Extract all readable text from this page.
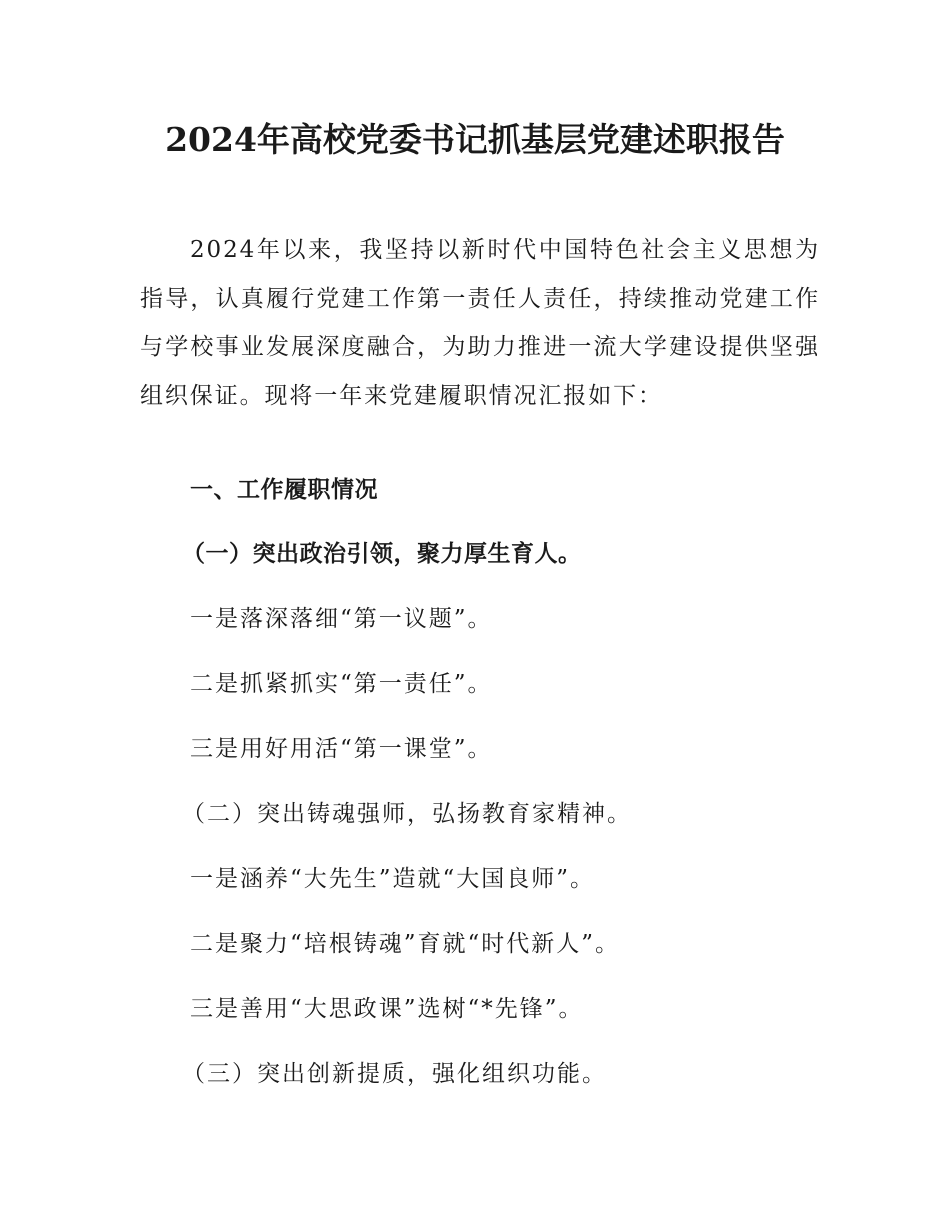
2024年高校党委书记抓基层党建述职报告

2024年以来，我坚持以新时代中国特色社会主义思想为指导，认真履行党建工作第一责任人责任，持续推动党建工作与学校事业发展深度融合，为助力推进一流大学建设提供坚强组织保证。现将一年来党建履职情况汇报如下：

一、工作履职情况

（一）突出政治引领，聚力厚生育人。

一是落深落细“第一议题”。

二是抓紧抓实“第一责任”。

三是用好用活“第一课堂”。

（二）突出铸魂强师，弘扬教育家精神。

一是涵养“大先生”造就“大国良师”。

二是聚力“培根铸魂”育就“时代新人”。

三是善用“大思政课”选树“*先锋”。

（三）突出创新提质，强化组织功能。
